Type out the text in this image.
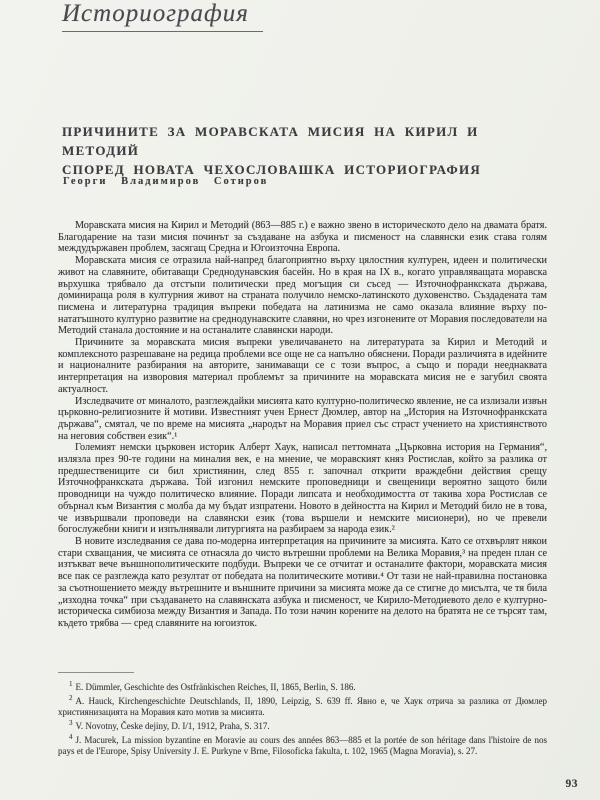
Историография
ПРИЧИНИТЕ ЗА МОРАВСКАТА МИСИЯ НА КИРИЛ И МЕТОДИЙ
СПОРЕД НОВАТА ЧЕХОСЛОВАШКА ИСТОРИОГРАФИЯ
Георги Владимиров Сотиров

Моравската мисия на Кирил и Методий (863—885 г.) е важно звено в историческото дело на двамата братя. Благодарение на тази мисия починът за създаване на азбука и писменост на славянски език става голям междудържавен проблем, засягащ Средна и Югоизточна Европа.

Моравската мисия се отразила най-напред благоприятно върху цялостния културен, идеен и политически живот на славяните, обитаващи Среднодунавския басейн. Но в края на IX в., когато управляващата моравска върхушка трябвало да отстъпи политически пред могъщия си съсед — Източнофранкската държава, доминираща роля в културния живот на страната получило немско-латинското духовенство. Създадената там писмена и литературна традиция въпреки победата на латинизма не само оказала влияние върху по-нататъшното културно развитие на среднодунавските славяни, но чрез изгонените от Моравия последователи на Методий станала достояние и на останалите славянски народи.

Причините за моравската мисия въпреки увеличаването на литературата за Кирил и Методий и комплексното разрешаване на редица проблеми все още не са напълно обяснени. Поради различията в идейните и националните разбирания на авторите, занимаващи се с този въпрос, а също и поради нееднаквата интерпретация на изворовия материал проблемът за причините на моравската мисия не е загубил своята актуалност.

Изследвачите от миналото, разглеждайки мисията като културно-политическо явление, не са излизали извън църковно-религиозните й мотиви. Известният учен Ернест Дюмлер, автор на „История на Източнофранкската държава“, смятал, че по време на мисията „народът на Моравия приел със страст учението на християнството на неговия собствен език“.¹

Големият немски църковен историк Алберт Хаук, написал петтомната „Църковна история на Германия“, излязла през 90-те години на миналия век, е на мнение, че моравският княз Ростислав, който за разлика от предшествениците си бил християнин, след 855 г. започнал открити враждебни действия срещу Източнофранкската държава. Той изгонил немските проповедници и свещеници вероятно защото били проводници на чуждо политическо влияние. Поради липсата и необходимостта от такива хора Ростислав се обърнал към Византия с молба да му бъдат изпратени. Новото в дейността на Кирил и Методий било не в това, че извършвали проповеди на славянски език (това вършели и немските мисионери), но че превели богослужебни книги и изпълнявали литургията на разбираем за народа език.²

В новите изследвания се дава по-модерна интерпретация на причините за мисията. Като се отхвърлят някои стари схващания, че мисията се отнасяла до чисто вътрешни проблеми на Велика Моравия,³ на преден план се изтъкват вече външнополитическите подбуди. Въпреки че се отчитат и останалите фактори, моравската мисия все пак се разглежда като резултат от победата на политическите мотиви.⁴ От тази не най-правилна постановка за съотношението между вътрешните и външните причини за мисията може да се стигне до мисълта, че тя била „изходна точка“ при създаването на славянската азбука и писменост, че Кирило-Методиевото дело е културно-историческа симбиоза между Византия и Запада. По този начин корените на делото на братята не се търсят там, където трябва — сред славяните на югоизток.

$^1$ E. Dümmler, Geschichte des Ostfränkischen Reiches, II, 1865, Berlin, S. 186.

$^2$ A. Hauck, Kirchengeschichte Deutschlands, II, 1890, Leipzig, S. 639 ff. Явно е, че Хаук отрича за разлика от Дюмлер християнизацията на Моравия като мотив за мисията.

$^3$ V. Novotny, Česke dejiny, D. I/1, 1912, Praha, S. 317.

$^4$ J. Macurek, La mission byzantine en Moravie au cours des années 863—885 et la portée de son héritage dans l'histoire de nos pays et de l'Europe, Spisy University J. E. Purkyne v Brne, Filosoficka fakulta, t. 102, 1965 (Magna Moravia), s. 27.

93
